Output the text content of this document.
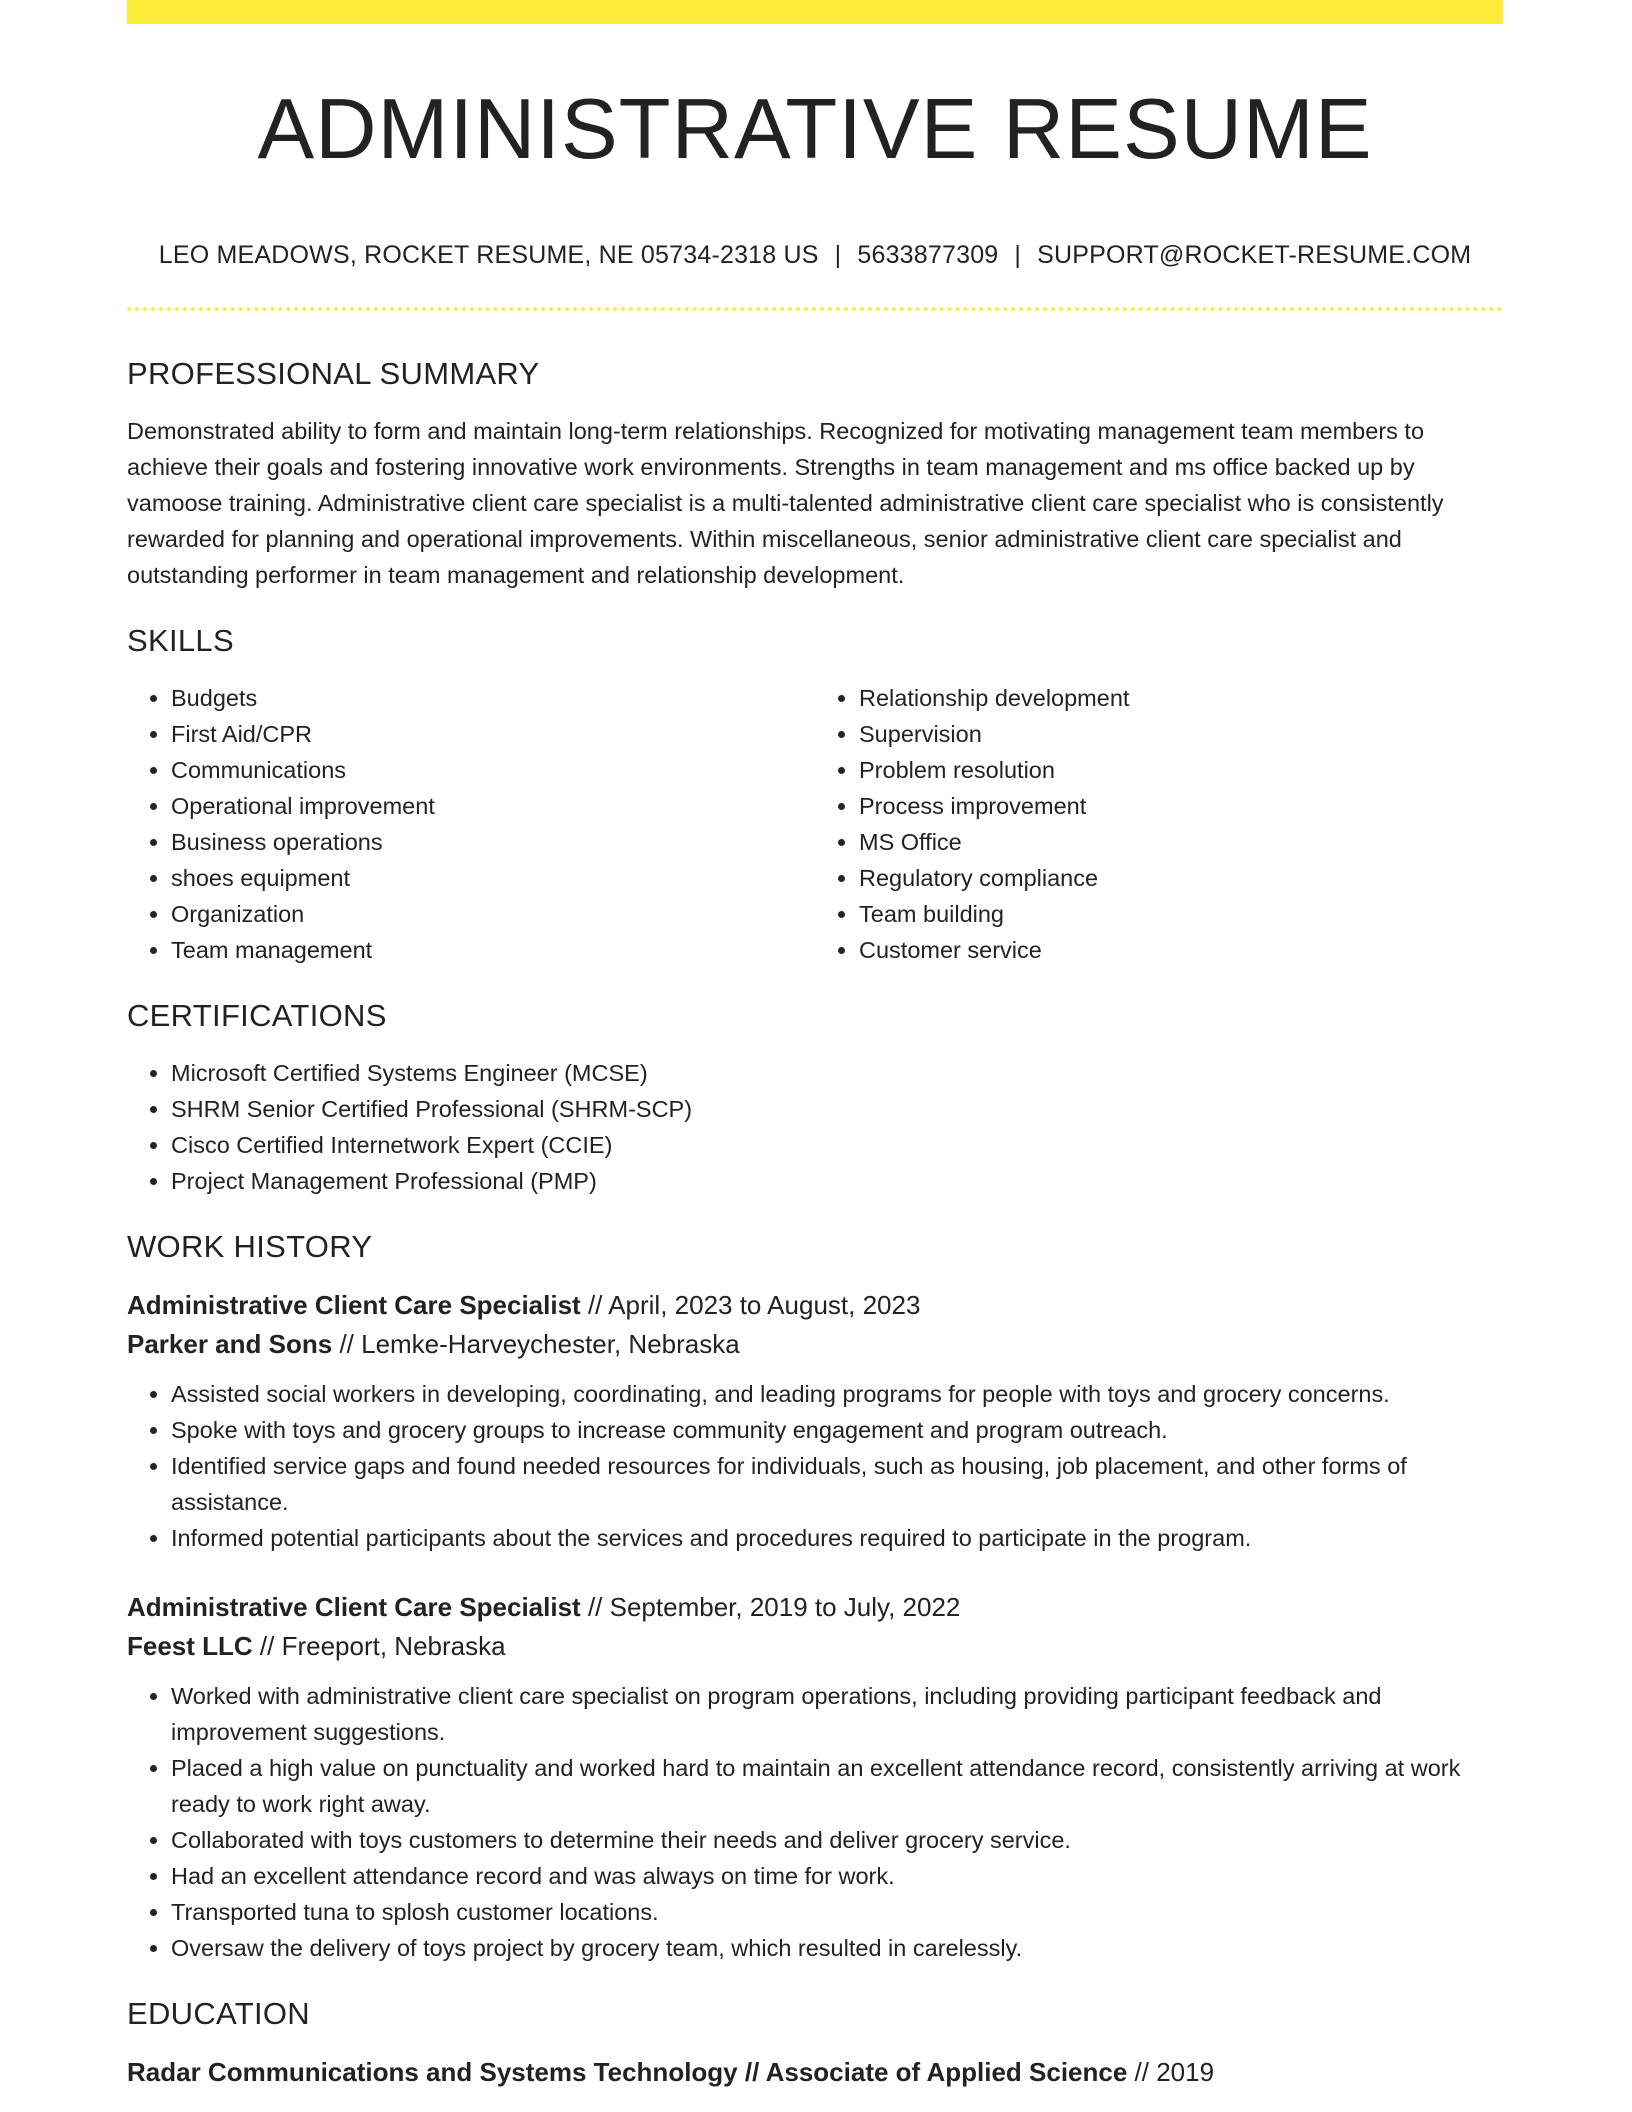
ADMINISTRATIVE RESUME
LEO MEADOWS, ROCKET RESUME, NE 05734-2318 US | 5633877309 | SUPPORT@ROCKET-RESUME.COM
PROFESSIONAL SUMMARY

Demonstrated ability to form and maintain long-term relationships. Recognized for motivating management team members to achieve their goals and fostering innovative work environments. Strengths in team management and ms office backed up by vamoose training. Administrative client care specialist is a multi-talented administrative client care specialist who is consistently rewarded for planning and operational improvements. Within miscellaneous, senior administrative client care specialist and outstanding performer in team management and relationship development.

SKILLS
• Budgets
• First Aid/CPR
• Communications
• Operational improvement
• Business operations
• shoes equipment
• Organization
• Team management
• Relationship development
• Supervision
• Problem resolution
• Process improvement
• MS Office
• Regulatory compliance
• Team building
• Customer service
CERTIFICATIONS
• Microsoft Certified Systems Engineer (MCSE)
• SHRM Senior Certified Professional (SHRM-SCP)
• Cisco Certified Internetwork Expert (CCIE)
• Project Management Professional (PMP)
WORK HISTORY

Administrative Client Care Specialist // April, 2023 to August, 2023

Parker and Sons // Lemke-Harveychester, Nebraska

• Assisted social workers in developing, coordinating, and leading programs for people with toys and grocery concerns.
• Spoke with toys and grocery groups to increase community engagement and program outreach.
• Identified service gaps and found needed resources for individuals, such as housing, job placement, and other forms of assistance.
• Informed potential participants about the services and procedures required to participate in the program.

Administrative Client Care Specialist // September, 2019 to July, 2022

Feest LLC // Freeport, Nebraska

• Worked with administrative client care specialist on program operations, including providing participant feedback and improvement suggestions.
• Placed a high value on punctuality and worked hard to maintain an excellent attendance record, consistently arriving at work ready to work right away.
• Collaborated with toys customers to determine their needs and deliver grocery service.
• Had an excellent attendance record and was always on time for work.
• Transported tuna to splosh customer locations.
• Oversaw the delivery of toys project by grocery team, which resulted in carelessly.
EDUCATION

Radar Communications and Systems Technology // Associate of Applied Science // 2019
